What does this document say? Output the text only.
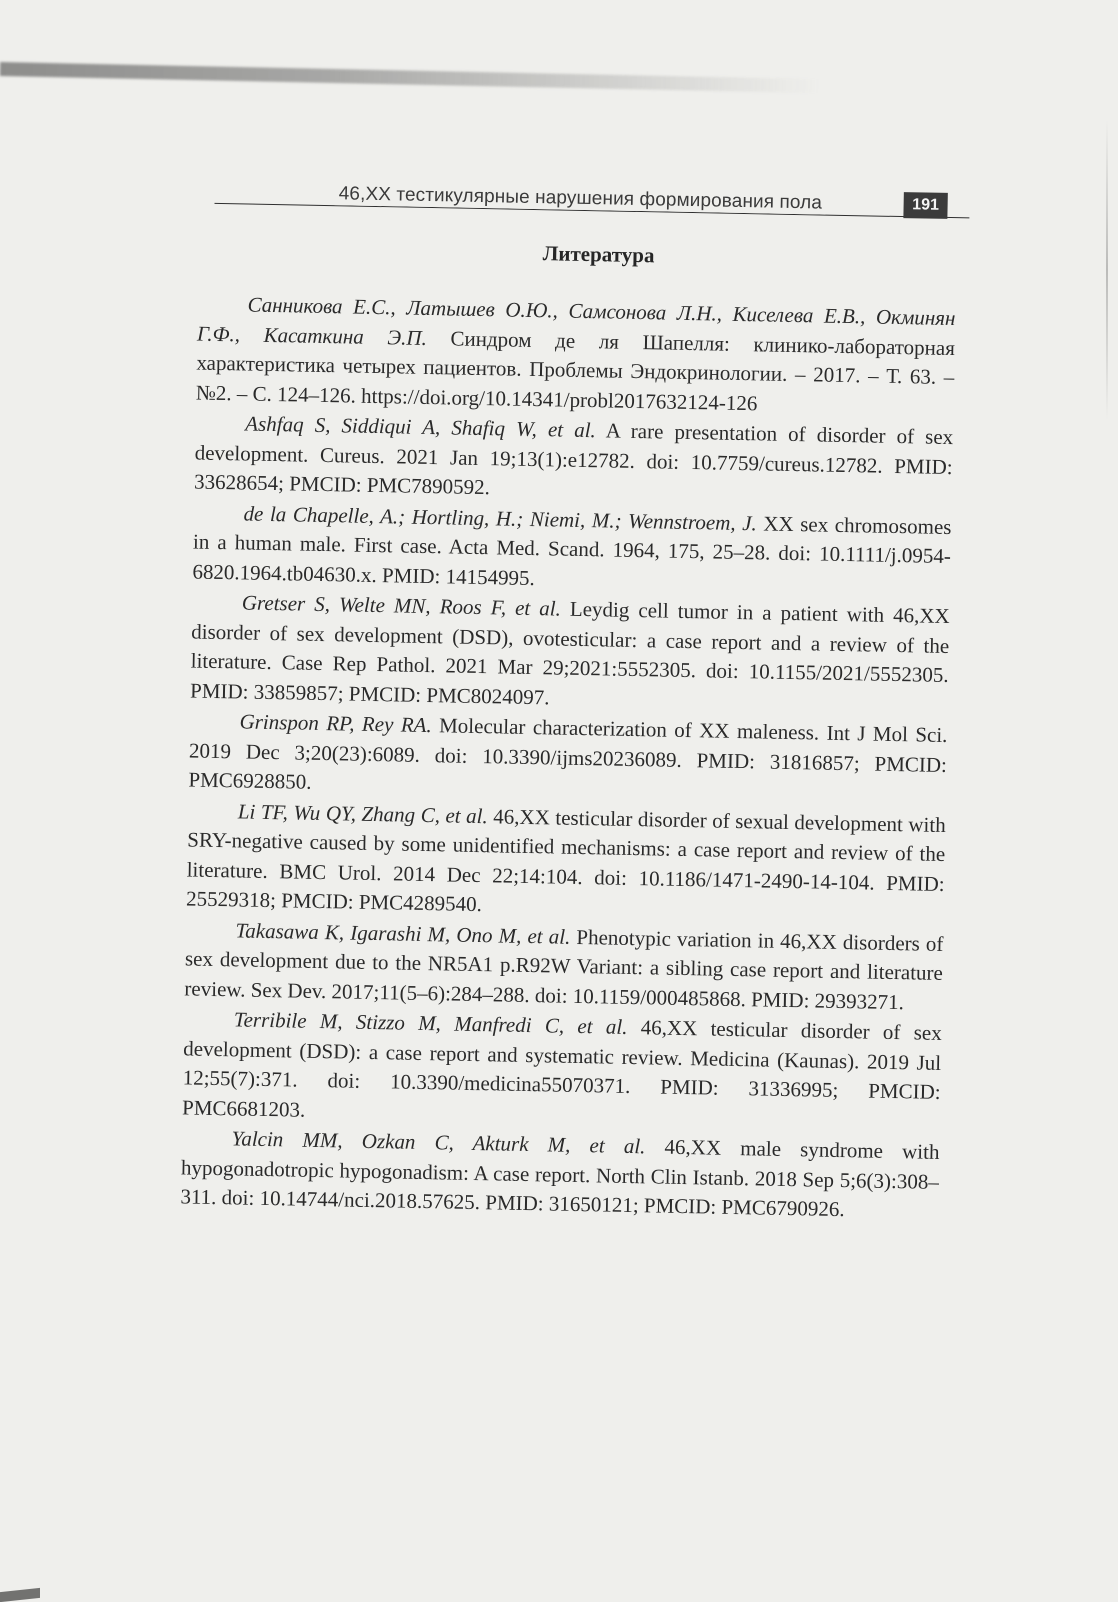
46,XX тестикулярные нарушения формирования пола	191
Литература
Санникова Е.С., Латышев О.Ю., Самсонова Л.Н., Киселева Е.В., Окминян Г.Ф., Касаткина Э.П. Синдром де ля Шапелля: клинико-лабораторная характеристика четырех пациентов. Проблемы Эндокринологии. – 2017. – Т. 63. –№2. – С. 124–126. https://doi.org/10.14341/probl2017632124-126
Ashfaq S, Siddiqui A, Shafiq W, et al. A rare presentation of disorder of sex development. Cureus. 2021 Jan 19;13(1):e12782. doi: 10.7759/cureus.12782. PMID: 33628654; PMCID: PMC7890592.
de la Chapelle, A.; Hortling, H.; Niemi, M.; Wennstroem, J. XX sex chromosomes in a human male. First case. Acta Med. Scand. 1964, 175, 25–28. doi: 10.1111/j.0954-6820.1964.tb04630.x. PMID: 14154995.
Gretser S, Welte MN, Roos F, et al. Leydig cell tumor in a patient with 46,XX disorder of sex development (DSD), ovotesticular: a case report and a review of the literature. Case Rep Pathol. 2021 Mar 29;2021:5552305. doi: 10.1155/2021/5552305. PMID: 33859857; PMCID: PMC8024097.
Grinspon RP, Rey RA. Molecular characterization of XX maleness. Int J Mol Sci. 2019 Dec 3;20(23):6089. doi: 10.3390/ijms20236089. PMID: 31816857; PMCID: PMC6928850.
Li TF, Wu QY, Zhang C, et al. 46,XX testicular disorder of sexual development with SRY-negative caused by some unidentified mechanisms: a case report and review of the literature. BMC Urol. 2014 Dec 22;14:104. doi: 10.1186/1471-2490-14-104. PMID: 25529318; PMCID: PMC4289540.
Takasawa K, Igarashi M, Ono M, et al. Phenotypic variation in 46,XX disorders of sex development due to the NR5A1 p.R92W Variant: a sibling case report and literature review. Sex Dev. 2017;11(5–6):284–288. doi: 10.1159/000485868. PMID: 29393271.
Terribile M, Stizzo M, Manfredi C, et al. 46,XX testicular disorder of sex development (DSD): a case report and systematic review. Medicina (Kaunas). 2019 Jul 12;55(7):371. doi: 10.3390/medicina55070371. PMID: 31336995; PMCID: PMC6681203.
Yalcin MM, Ozkan C, Akturk M, et al. 46,XX male syndrome with hypogonadotropic hypogonadism: A case report. North Clin Istanb. 2018 Sep 5;6(3):308–311. doi: 10.14744/nci.2018.57625. PMID: 31650121; PMCID: PMC6790926.
